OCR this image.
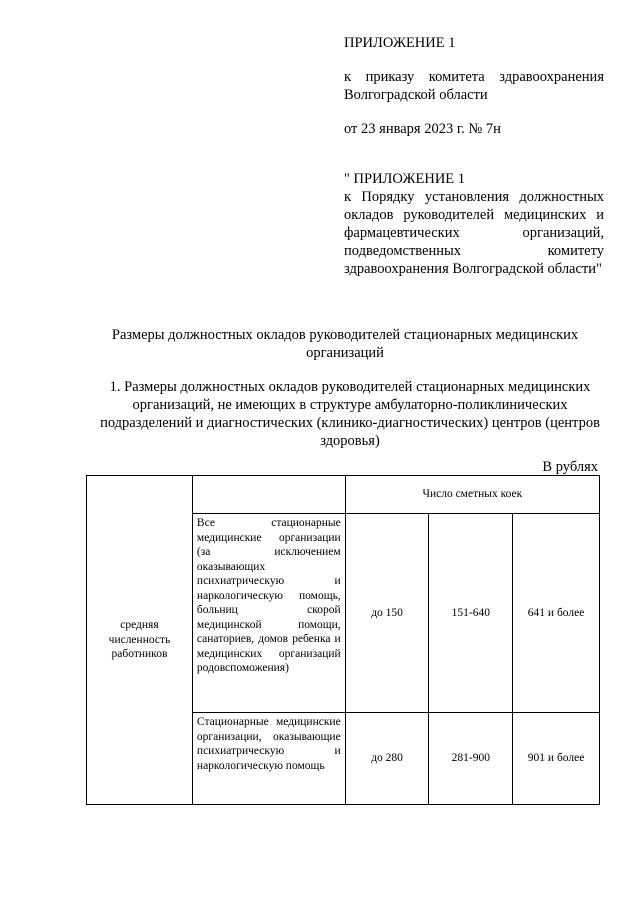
ПРИЛОЖЕНИЕ 1
к приказу комитета здравоохранения Волгоградской области
от 23 января 2023 г. № 7н
" ПРИЛОЖЕНИЕ 1
к Порядку установления должностных окладов руководителей медицинских и фармацевтических организаций, подведомственных комитету здравоохранения Волгоградской области"
Размеры должностных окладов руководителей стационарных медицинских организаций
1. Размеры должностных окладов руководителей стационарных медицинских организаций, не имеющих в структуре амбулаторно-поликлинических подразделений и диагностических (клинико-диагностических) центров (центров здоровья)
В рублях
средняя численность работников		Число сметных коек		
	Все стационарные медицинские организации (за исключением оказывающих психиатрическую и наркологическую помощь, больниц скорой медицинской помощи, санаториев, домов ребенка и медицинских организаций родовспоможения)	до 150	151-640	641 и более
	Стационарные медицинские организации, оказывающие психиатрическую и наркологическую помощь	до 280	281-900	901 и более
